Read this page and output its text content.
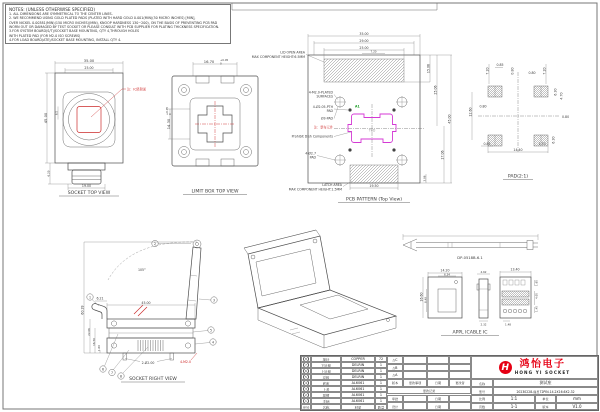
35.00
25.00
注：IC吸附面
45.00	6.5
19.00
6.20
SOCKET TOP VIEW
16.70 +0.05
0
14.30
+0.05 0
LIMIT BOX TOP VIEW
35.00
29.00
25.00
7.20
15.06
25.06
17.06
45.00
3.06
TBD
A1
4-M2.0-PLATED
SURFACES
4-Ø2.05-PTH
PAD
Ø3-PAD
注：禁布元件
Prohibit Dish Components
4-Ø2.7
PAD
LID OPEN AREA
MAX COMPONENT HEIGHT:6.5MM
LATCH AREA
MAX COMPONENT HEIGHT:1.5MM
19.50
PCB PATTERN (Top View)
7.20
0.85
0.80	0.80 7.20
6.30
4.70
12.60
0.80
0.85
14.40
1.70
6.30
0.80
PAD(2:1)
105°
6.21
45.00
60.39
22.06
16.30
1.60
2-Ø2.00	4-M2.0
1
2
3
5
4
6
7
8
SOCKET RIGHT VIEW
DP-0518B-6.1
14.20
6.34
16.60 8.49
4.62
2.32
13.40
1.65
4.05
1.45
1.48
APPL ICABLE IC
NOTES: (UNLESS OTHERWISE SPECIFIED)
1. ALL DIMENSIONS ARE SYMMETRICAL TO THE CENTER LINES.
2. WE RECOMMEND USING GOLD PLATED PADS (PLATED WITH HARD GOLD 0.001(MIN)(30 MICRO INCHES) [MIN],
OVER NICKEL 0.00381(MIN)(150 MICRO INCHES)(MIN), KNOOP HARDNESS 130~200), ON THE BASIS OF PREVENTING PCB PAD
WORN OUT OR DAMAGED BY TEST SOCKET OR PLEASE CONSULT WITH PCB SUPPLIER FOR PLATING THICKNESS SPECIFICATION.
3.FOR SYSTEM BOARD(S/T)/SOCKET BASE MOUNTING, QTY 4,THROUGH HOLES
WITH PLATED PAD (FOR M2.0 ISO SCREWS)
4.FOR LOAD BOARD(ATE)/SOCKET BASE MOUNTING, INSTALL QTY 4.
8	探针	COPPER	72
7	下针板	DELRIN	1
6	上针板	DELRIN	1
5	浮板	DELRIN	1
4	底座	AL6061	1
3	上盖	AL6061	1
2	摇臂	AL6061	1
1	手柄	AL6061	1
序号	名称	材质	数量
△C
△B
△A
版本	更改事项	日期	更改者
更改记录
审批	日期
设计	日期
H 鸿怡电子
HONG YI SOCKET
名称	测试座
型号	20230228-瑞昱72PIN-14.2X16.6X2.32
比例	1:1	单位	mm
页数	1-1	版本	V1.0
